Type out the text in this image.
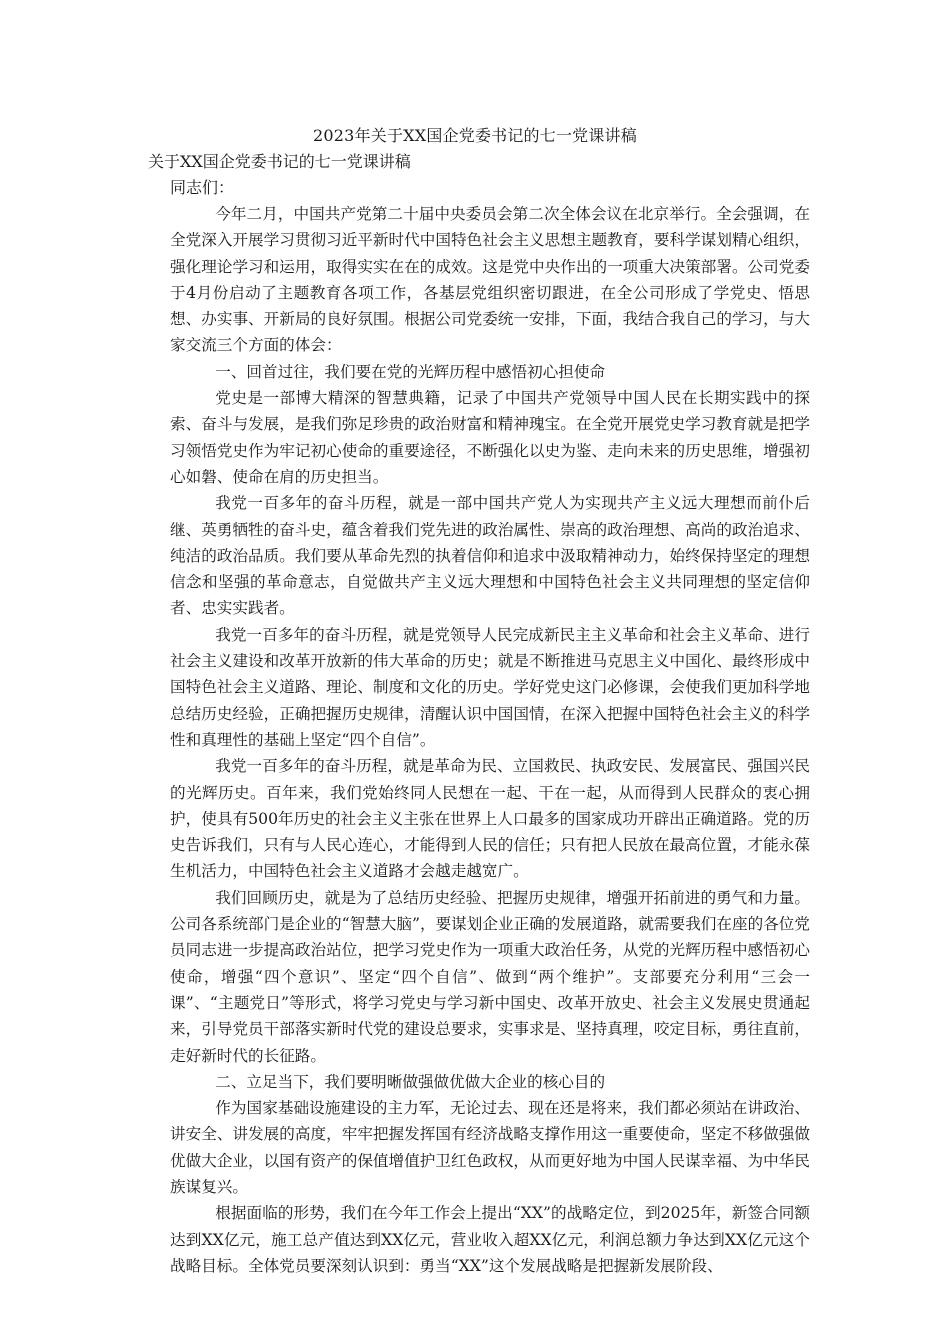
2023年关于XX国企党委书记的七一党课讲稿
关于XX国企党委书记的七一党课讲稿
同志们：

今年二月，中国共产党第二十届中央委员会第二次全体会议在北京举行。全会强调，在全党深入开展学习贯彻习近平新时代中国特色社会主义思想主题教育，要科学谋划精心组织，强化理论学习和运用，取得实实在在的成效。这是党中央作出的一项重大决策部署。公司党委于4月份启动了主题教育各项工作，各基层党组织密切跟进，在全公司形成了学党史、悟思想、办实事、开新局的良好氛围。根据公司党委统一安排，下面，我结合我自己的学习，与大家交流三个方面的体会：

一、回首过往，我们要在党的光辉历程中感悟初心担使命

党史是一部博大精深的智慧典籍，记录了中国共产党领导中国人民在长期实践中的探索、奋斗与发展，是我们弥足珍贵的政治财富和精神瑰宝。在全党开展党史学习教育就是把学习领悟党史作为牢记初心使命的重要途径，不断强化以史为鉴、走向未来的历史思维，增强初心如磐、使命在肩的历史担当。

我党一百多年的奋斗历程，就是一部中国共产党人为实现共产主义远大理想而前仆后继、英勇牺牲的奋斗史，蕴含着我们党先进的政治属性、崇高的政治理想、高尚的政治追求、纯洁的政治品质。我们要从革命先烈的执着信仰和追求中汲取精神动力，始终保持坚定的理想信念和坚强的革命意志，自觉做共产主义远大理想和中国特色社会主义共同理想的坚定信仰者、忠实实践者。

我党一百多年的奋斗历程，就是党领导人民完成新民主主义革命和社会主义革命、进行社会主义建设和改革开放新的伟大革命的历史；就是不断推进马克思主义中国化、最终形成中国特色社会主义道路、理论、制度和文化的历史。学好党史这门必修课，会使我们更加科学地总结历史经验，正确把握历史规律，清醒认识中国国情，在深入把握中国特色社会主义的科学性和真理性的基础上坚定“四个自信”。

我党一百多年的奋斗历程，就是革命为民、立国救民、执政安民、发展富民、强国兴民的光辉历史。百年来，我们党始终同人民想在一起、干在一起，从而得到人民群众的衷心拥护，使具有500年历史的社会主义主张在世界上人口最多的国家成功开辟出正确道路。党的历史告诉我们，只有与人民心连心，才能得到人民的信任；只有把人民放在最高位置，才能永葆生机活力，中国特色社会主义道路才会越走越宽广。

我们回顾历史，就是为了总结历史经验、把握历史规律，增强开拓前进的勇气和力量。公司各系统部门是企业的“智慧大脑”，要谋划企业正确的发展道路，就需要我们在座的各位党员同志进一步提高政治站位，把学习党史作为一项重大政治任务，从党的光辉历程中感悟初心使命，增强“四个意识”、坚定“四个自信”、做到“两个维护”。支部要充分利用“三会一课”、“主题党日”等形式，将学习党史与学习新中国史、改革开放史、社会主义发展史贯通起来，引导党员干部落实新时代党的建设总要求，实事求是、坚持真理，咬定目标，勇往直前，走好新时代的长征路。

二、立足当下，我们要明晰做强做优做大企业的核心目的

作为国家基础设施建设的主力军，无论过去、现在还是将来，我们都必须站在讲政治、讲安全、讲发展的高度，牢牢把握发挥国有经济战略支撑作用这一重要使命，坚定不移做强做优做大企业，以国有资产的保值增值护卫红色政权，从而更好地为中国人民谋幸福、为中华民族谋复兴。

根据面临的形势，我们在今年工作会上提出“XX”的战略定位，到2025年，新签合同额达到XX亿元，施工总产值达到XX亿元，营业收入超XX亿元，利润总额力争达到XX亿元这个战略目标。全体党员要深刻认识到：勇当“XX”这个发展战略是把握新发展阶段、
